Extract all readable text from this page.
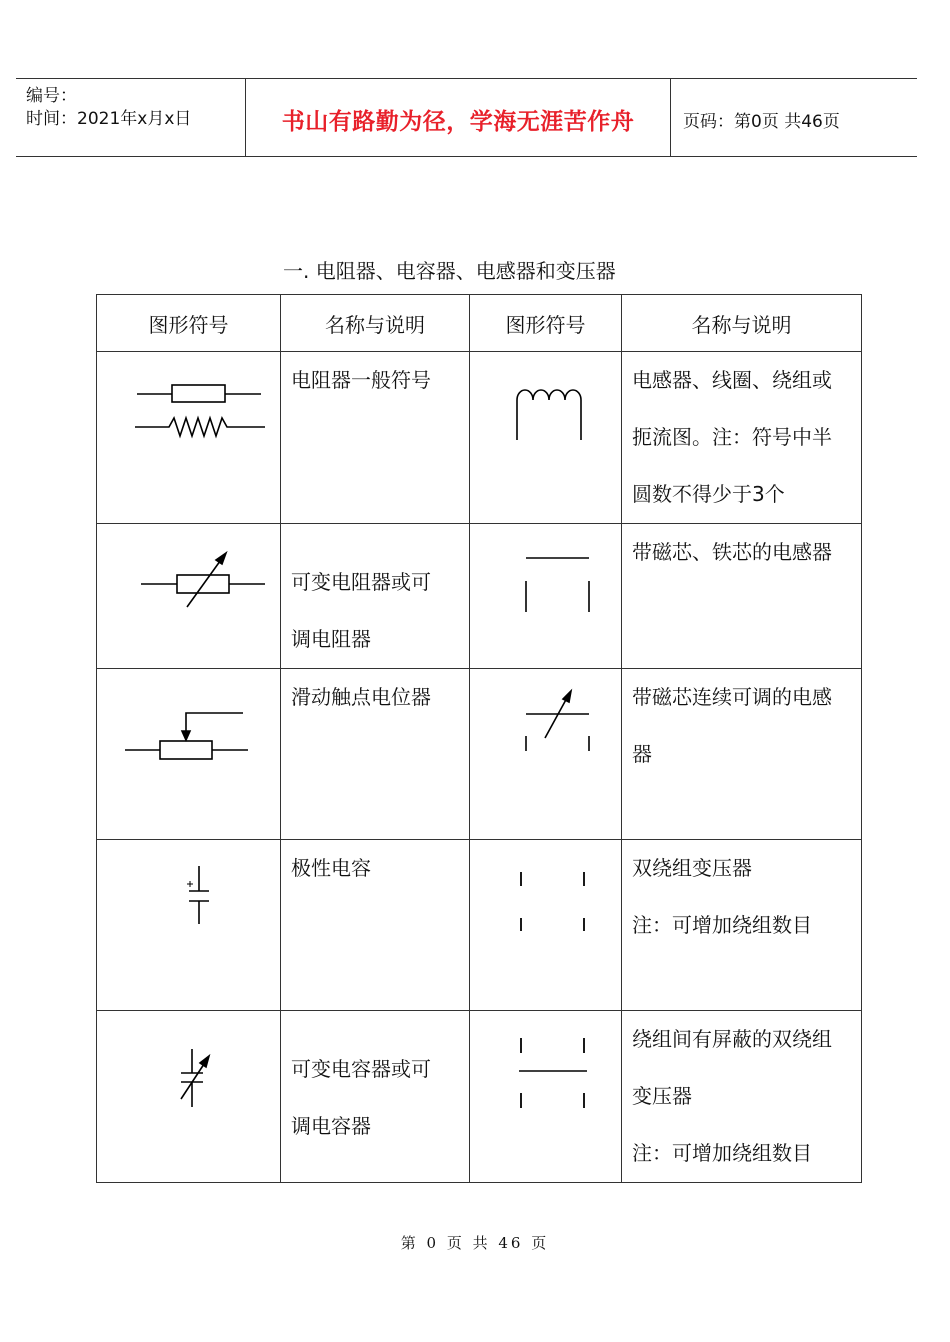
编号：
时间：2021年x月x日	书山有路勤为径，学海无涯苦作舟	页码：第0页 共46页
一. 电阻器、电容器、电感器和变压器
图形符号	名称与说明	图形符号	名称与说明

电阻器一般符号		电感器、线圈、绕组或
扼流图。注：符号中半
圆数不得少于3个

可变电阻器或可
调电阻器		带磁芯、铁芯的电感器

滑动触点电位器		带磁芯连续可调的电感
器

极性电容		双绕组变压器
注：可增加绕组数目

可变电容器或可
调电容器		绕组间有屏蔽的双绕组
变压器
注：可增加绕组数目
第 0 页 共 46 页
